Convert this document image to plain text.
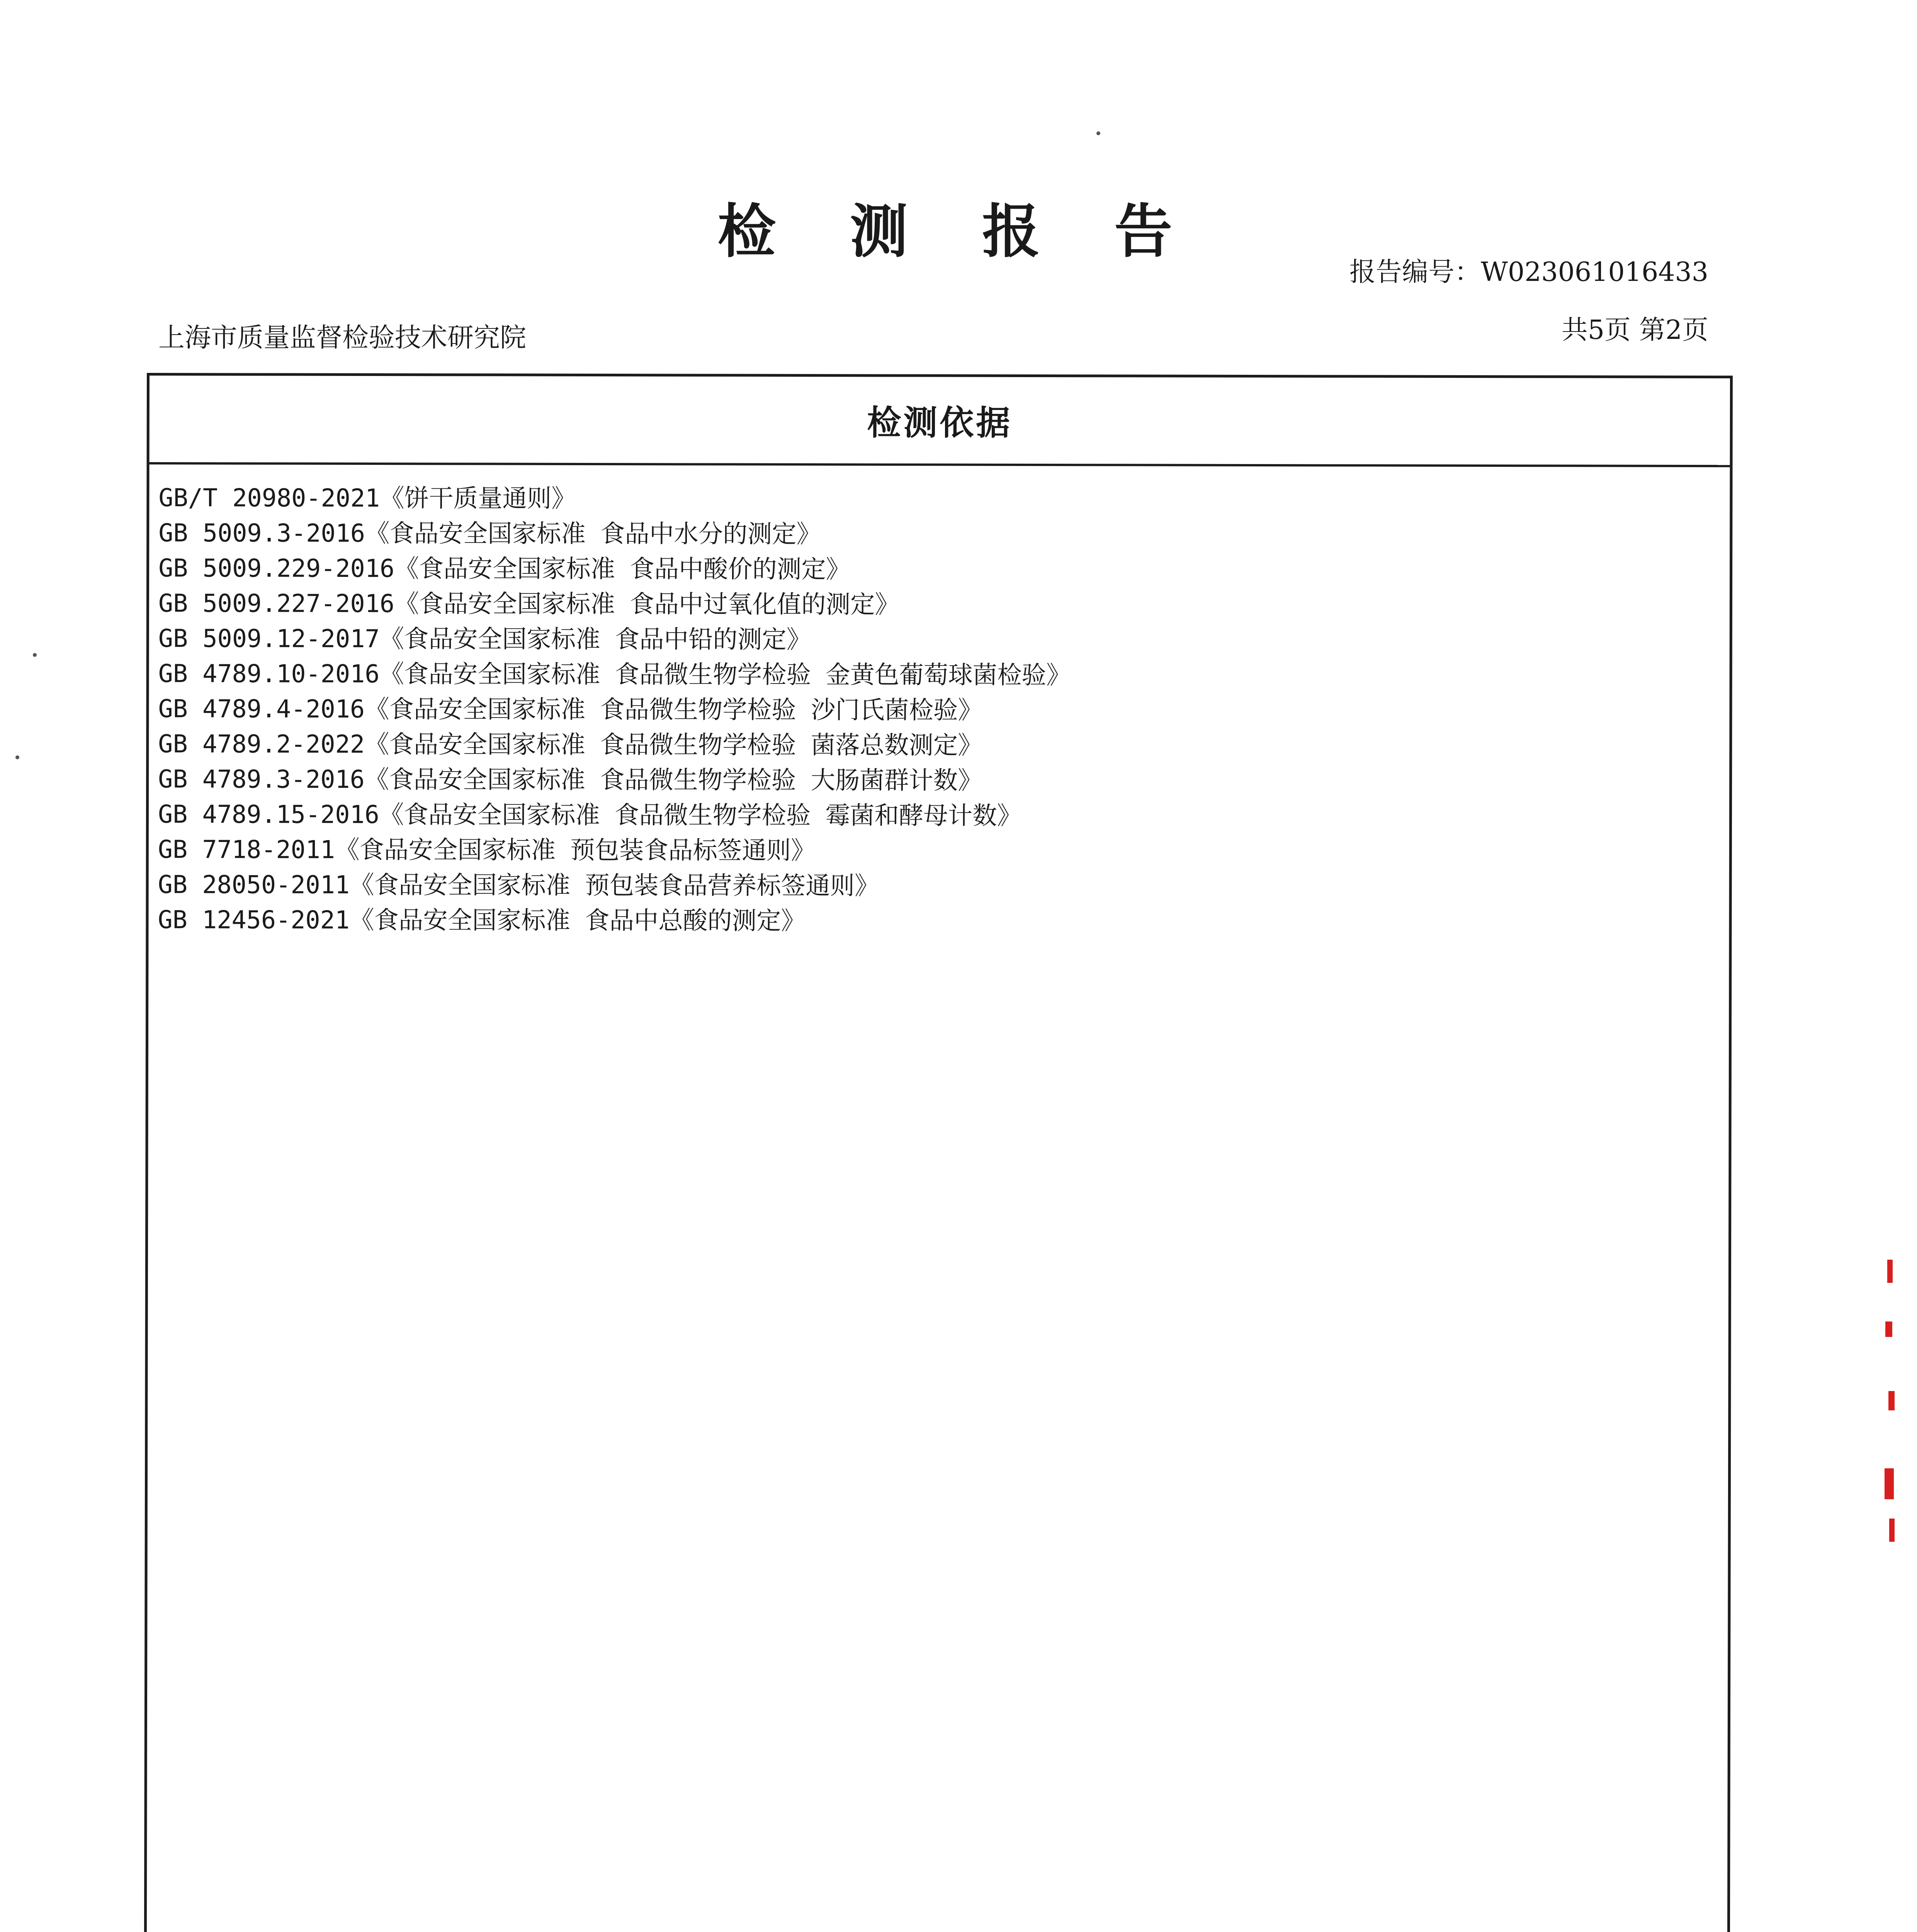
检 测 报 告
报告编号：W023061016433
上海市质量监督检验技术研究院	共5页 第2页
检测依据
GB/T 20980-2021《饼干质量通则》
GB 5009.3-2016《食品安全国家标准 食品中水分的测定》
GB 5009.229-2016《食品安全国家标准 食品中酸价的测定》
GB 5009.227-2016《食品安全国家标准 食品中过氧化值的测定》
GB 5009.12-2017《食品安全国家标准 食品中铅的测定》
GB 4789.10-2016《食品安全国家标准 食品微生物学检验 金黄色葡萄球菌检验》
GB 4789.4-2016《食品安全国家标准 食品微生物学检验 沙门氏菌检验》
GB 4789.2-2022《食品安全国家标准 食品微生物学检验 菌落总数测定》
GB 4789.3-2016《食品安全国家标准 食品微生物学检验 大肠菌群计数》
GB 4789.15-2016《食品安全国家标准 食品微生物学检验 霉菌和酵母计数》
GB 7718-2011《食品安全国家标准 预包装食品标签通则》
GB 28050-2011《食品安全国家标准 预包装食品营养标签通则》
GB 12456-2021《食品安全国家标准 食品中总酸的测定》
